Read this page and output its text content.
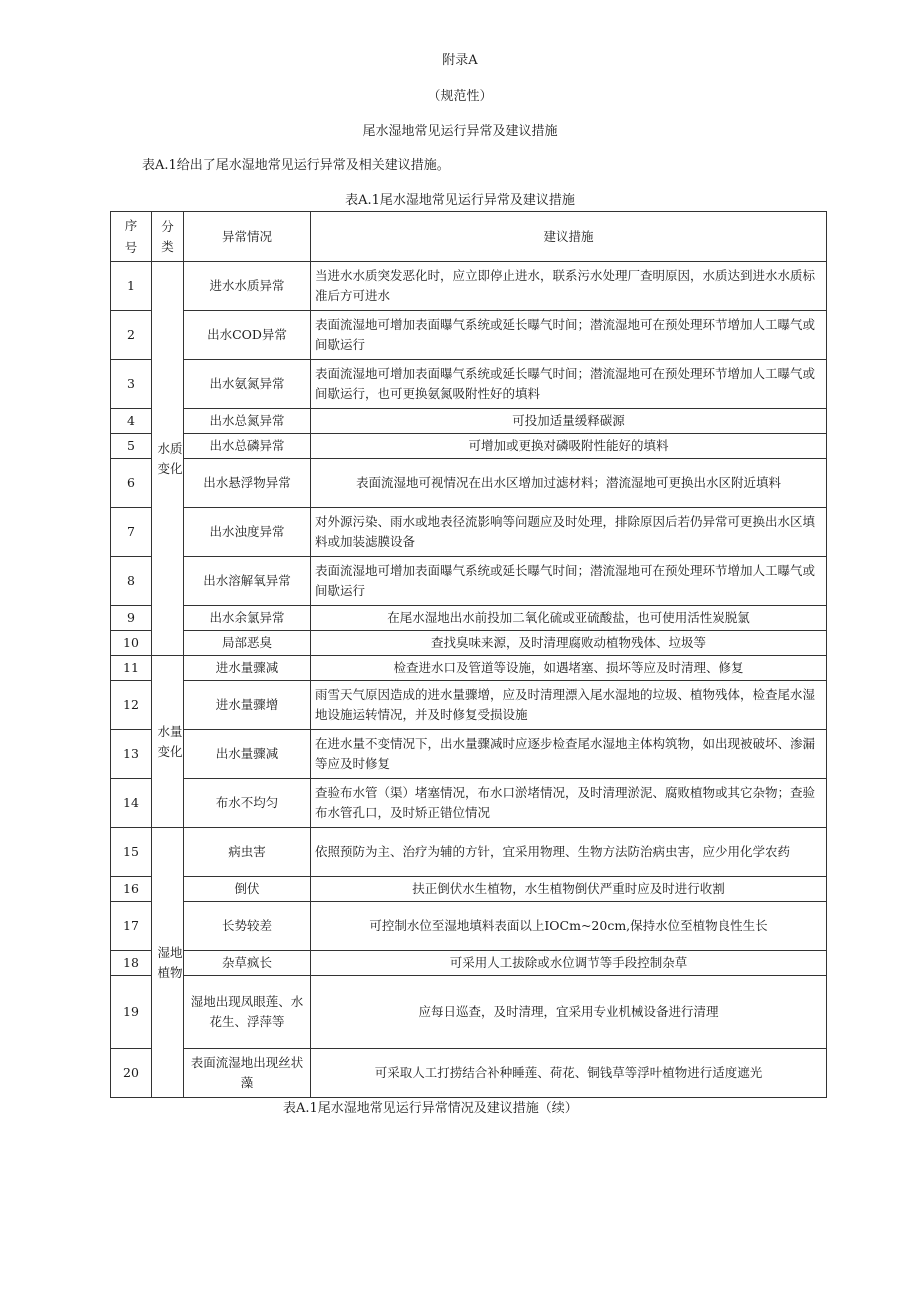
附录A
（规范性）
尾水湿地常见运行异常及建议措施
表A.1给出了尾水湿地常见运行异常及相关建议措施。
表A.1尾水湿地常见运行异常及建议措施
序号	分类	异常情况	建议措施
1	水质变化	进水水质异常	当进水水质突发恶化时，应立即停止进水，联系污水处理厂查明原因，水质达到进水水质标准后方可进水
2		出水COD异常	表面流湿地可增加表面曝气系统或延长曝气时间；潜流湿地可在预处理环节增加人工曝气或间歇运行
3		出水氨氮异常	表面流湿地可增加表面曝气系统或延长曝气时间；潜流湿地可在预处理环节增加人工曝气或间歇运行，也可更换氨氮吸附性好的填料
4		出水总氮异常	可投加适量缓释碳源
5		出水总磷异常	可增加或更换对磷吸附性能好的填料
6		出水悬浮物异常	表面流湿地可视情况在出水区增加过滤材料；潜流湿地可更换出水区附近填料
7		出水浊度异常	对外源污染、雨水或地表径流影响等问题应及时处理，排除原因后若仍异常可更换出水区填料或加装滤膜设备
8		出水溶解氧异常	表面流湿地可增加表面曝气系统或延长曝气时间；潜流湿地可在预处理环节增加人工曝气或间歇运行
9		出水余氯异常	在尾水湿地出水前投加二氧化硫或亚硫酸盐，也可使用活性炭脱氯
10		局部恶臭	查找臭味来源，及时清理腐败动植物残体、垃圾等
11	水量变化	进水量骤减	检查进水口及管道等设施，如遇堵塞、损坏等应及时清理、修复
12		进水量骤增	雨雪天气原因造成的进水量骤增，应及时清理漂入尾水湿地的垃圾、植物残体，检查尾水湿地设施运转情况，并及时修复受损设施
13		出水量骤减	在进水量不变情况下，出水量骤减时应逐步检查尾水湿地主体构筑物，如出现被破坏、渗漏等应及时修复
14		布水不均匀	查验布水管（渠）堵塞情况，布水口淤堵情况，及时清理淤泥、腐败植物或其它杂物；查验布水管孔口，及时矫正错位情况
15	湿地植物	病虫害	依照预防为主、治疗为辅的方针，宜采用物理、生物方法防治病虫害，应少用化学农药
16		倒伏	扶正倒伏水生植物，水生植物倒伏严重时应及时进行收割
17		长势较差	可控制水位至湿地填料表面以上IOCm~20cm,保持水位至植物良性生长
18		杂草疯长	可采用人工拔除或水位调节等手段控制杂草
19		湿地出现凤眼莲、水花生、浮萍等	应每日巡查，及时清理，宜采用专业机械设备进行清理
20		表面流湿地出现丝状藻	可采取人工打捞结合补种睡莲、荷花、铜钱草等浮叶植物进行适度遮光
表A.1尾水湿地常见运行异常情况及建议措施（续）
